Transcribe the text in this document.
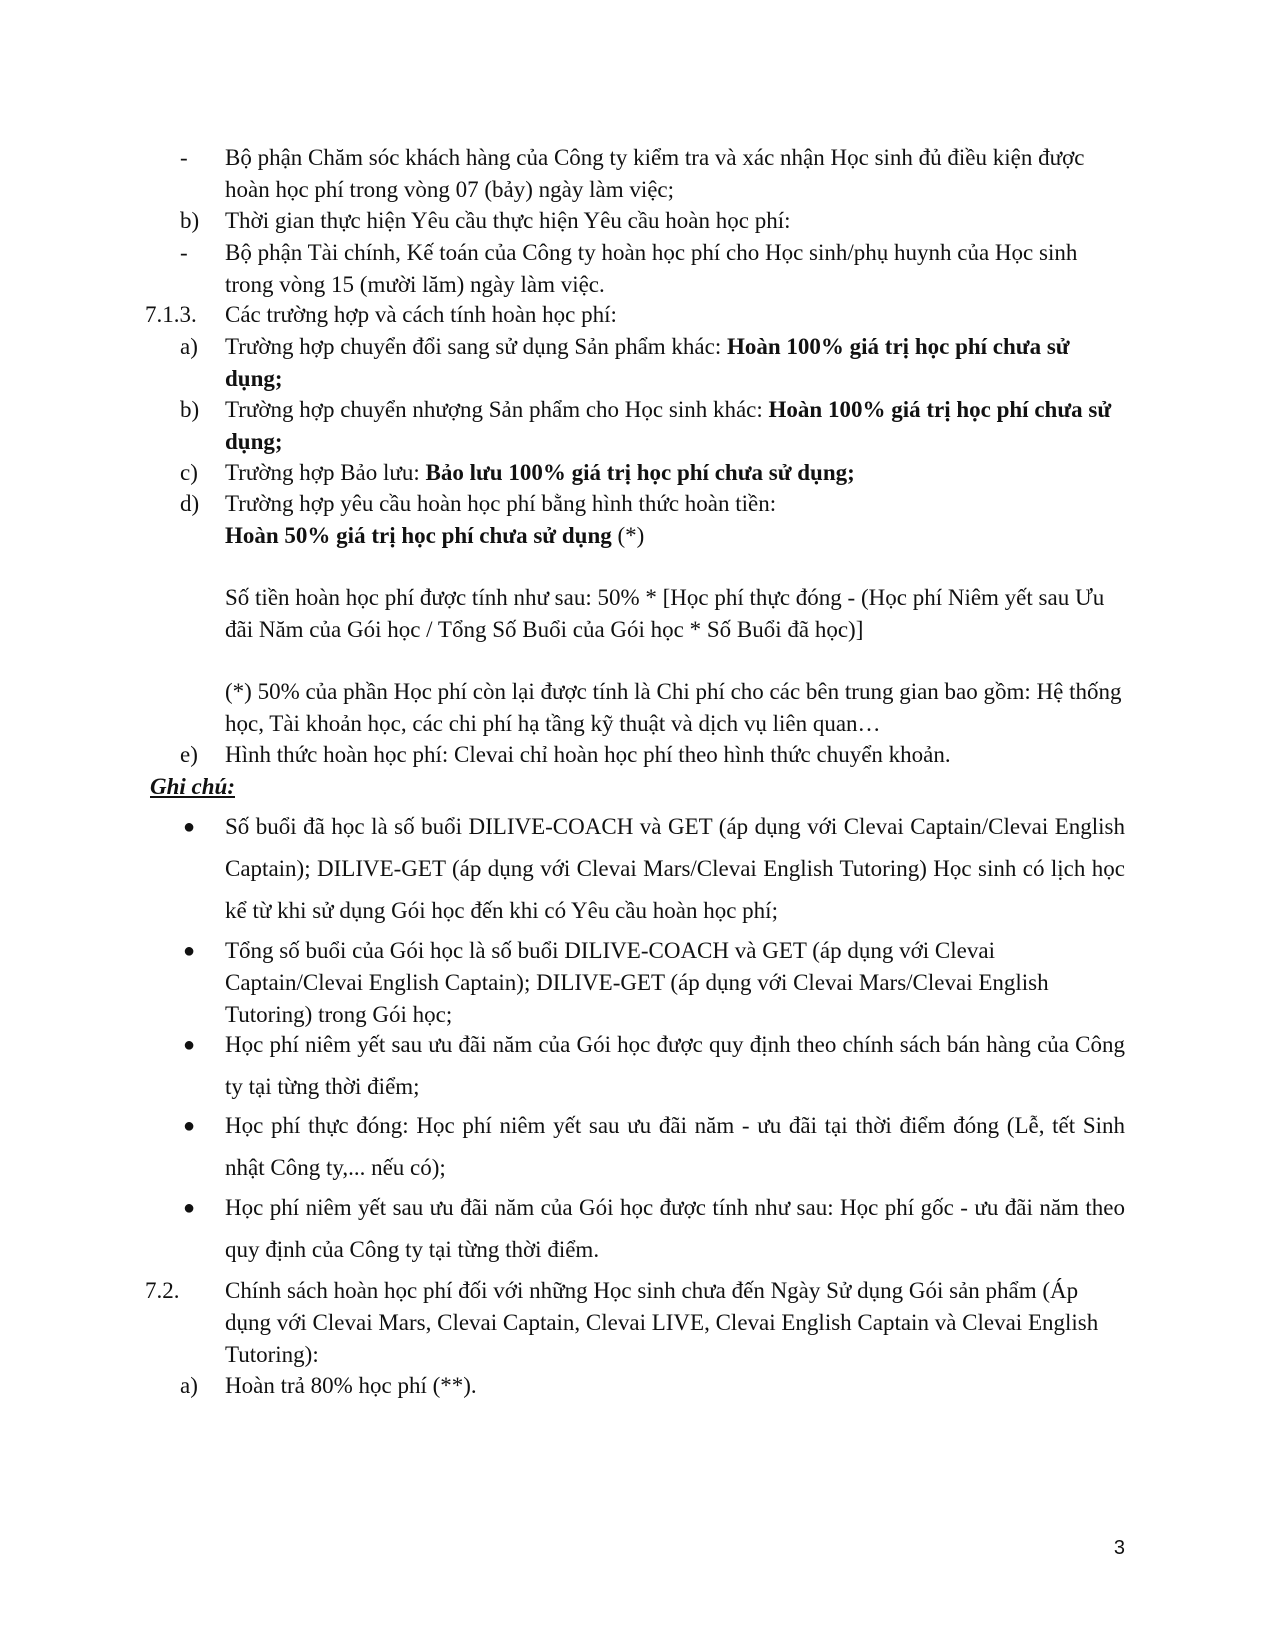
- Bộ phận Chăm sóc khách hàng của Công ty kiểm tra và xác nhận Học sinh đủ điều kiện được hoàn học phí trong vòng 07 (bảy) ngày làm việc;
b) Thời gian thực hiện Yêu cầu thực hiện Yêu cầu hoàn học phí:
- Bộ phận Tài chính, Kế toán của Công ty hoàn học phí cho Học sinh/phụ huynh của Học sinh trong vòng 15 (mười lăm) ngày làm việc.
7.1.3. Các trường hợp và cách tính hoàn học phí:
a) Trường hợp chuyển đổi sang sử dụng Sản phẩm khác: Hoàn 100% giá trị học phí chưa sử dụng;
b) Trường hợp chuyển nhượng Sản phẩm cho Học sinh khác: Hoàn 100% giá trị học phí chưa sử dụng;
c) Trường hợp Bảo lưu: Bảo lưu 100% giá trị học phí chưa sử dụng;
d) Trường hợp yêu cầu hoàn học phí bằng hình thức hoàn tiền:
Hoàn 50% giá trị học phí chưa sử dụng (*)
Số tiền hoàn học phí được tính như sau: 50% * [Học phí thực đóng - (Học phí Niêm yết sau Ưu đãi Năm của Gói học / Tổng Số Buổi của Gói học * Số Buổi đã học)]
(*) 50% của phần Học phí còn lại được tính là Chi phí cho các bên trung gian bao gồm: Hệ thống học, Tài khoản học, các chi phí hạ tầng kỹ thuật và dịch vụ liên quan…
e) Hình thức hoàn học phí: Clevai chỉ hoàn học phí theo hình thức chuyển khoản.
Ghi chú:
● Số buổi đã học là số buổi DILIVE-COACH và GET (áp dụng với Clevai Captain/Clevai English Captain); DILIVE-GET (áp dụng với Clevai Mars/Clevai English Tutoring) Học sinh có lịch học kể từ khi sử dụng Gói học đến khi có Yêu cầu hoàn học phí;
● Tổng số buổi của Gói học là số buổi DILIVE-COACH và GET (áp dụng với Clevai Captain/Clevai English Captain); DILIVE-GET (áp dụng với Clevai Mars/Clevai English Tutoring) trong Gói học;
● Học phí niêm yết sau ưu đãi năm của Gói học được quy định theo chính sách bán hàng của Công ty tại từng thời điểm;
● Học phí thực đóng: Học phí niêm yết sau ưu đãi năm - ưu đãi tại thời điểm đóng (Lễ, tết Sinh nhật Công ty,... nếu có);
● Học phí niêm yết sau ưu đãi năm của Gói học được tính như sau: Học phí gốc - ưu đãi năm theo quy định của Công ty tại từng thời điểm.
7.2. Chính sách hoàn học phí đối với những Học sinh chưa đến Ngày Sử dụng Gói sản phẩm (Áp dụng với Clevai Mars, Clevai Captain, Clevai LIVE, Clevai English Captain và Clevai English Tutoring):
a) Hoàn trả 80% học phí (**).
3
